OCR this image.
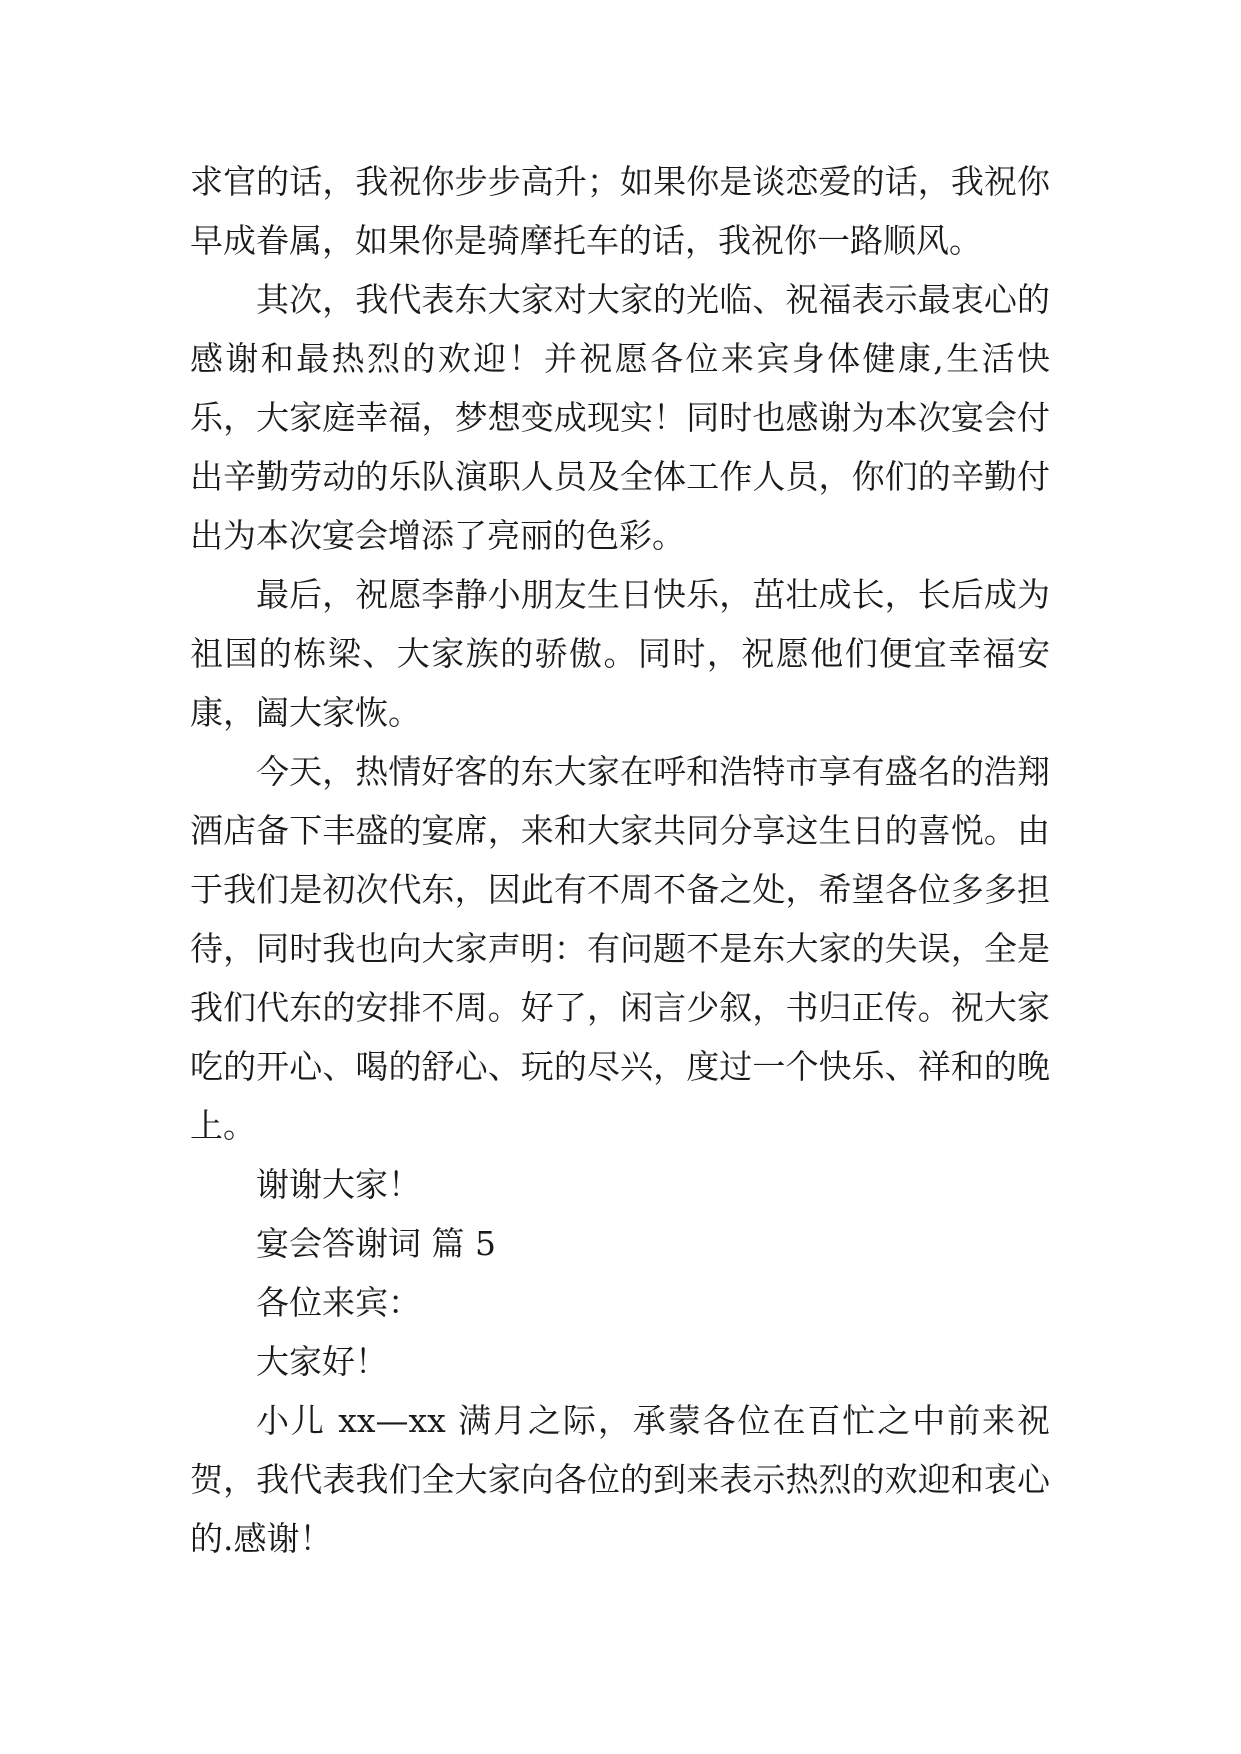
求官的话，我祝你步步高升；如果你是谈恋爱的话，我祝你早成眷属，如果你是骑摩托车的话，我祝你一路顺风。

其次，我代表东大家对大家的光临、祝福表示最衷心的感谢和最热烈的欢迎！并祝愿各位来宾身体健康,生活快乐，大家庭幸福，梦想变成现实！同时也感谢为本次宴会付出辛勤劳动的乐队演职人员及全体工作人员，你们的辛勤付出为本次宴会增添了亮丽的色彩。

最后，祝愿李静小朋友生日快乐，茁壮成长，长后成为祖国的栋梁、大家族的骄傲。同时，祝愿他们便宜幸福安康，阖大家恢。

今天，热情好客的东大家在呼和浩特市享有盛名的浩翔酒店备下丰盛的宴席，来和大家共同分享这生日的喜悦。由于我们是初次代东，因此有不周不备之处，希望各位多多担待，同时我也向大家声明：有问题不是东大家的失误，全是我们代东的安排不周。好了，闲言少叙，书归正传。祝大家吃的开心、喝的舒心、玩的尽兴，度过一个快乐、祥和的晚上。

谢谢大家！

宴会答谢词 篇 5

各位来宾：

大家好！

小儿 xx—xx 满月之际，承蒙各位在百忙之中前来祝贺，我代表我们全大家向各位的到来表示热烈的欢迎和衷心的.感谢！
